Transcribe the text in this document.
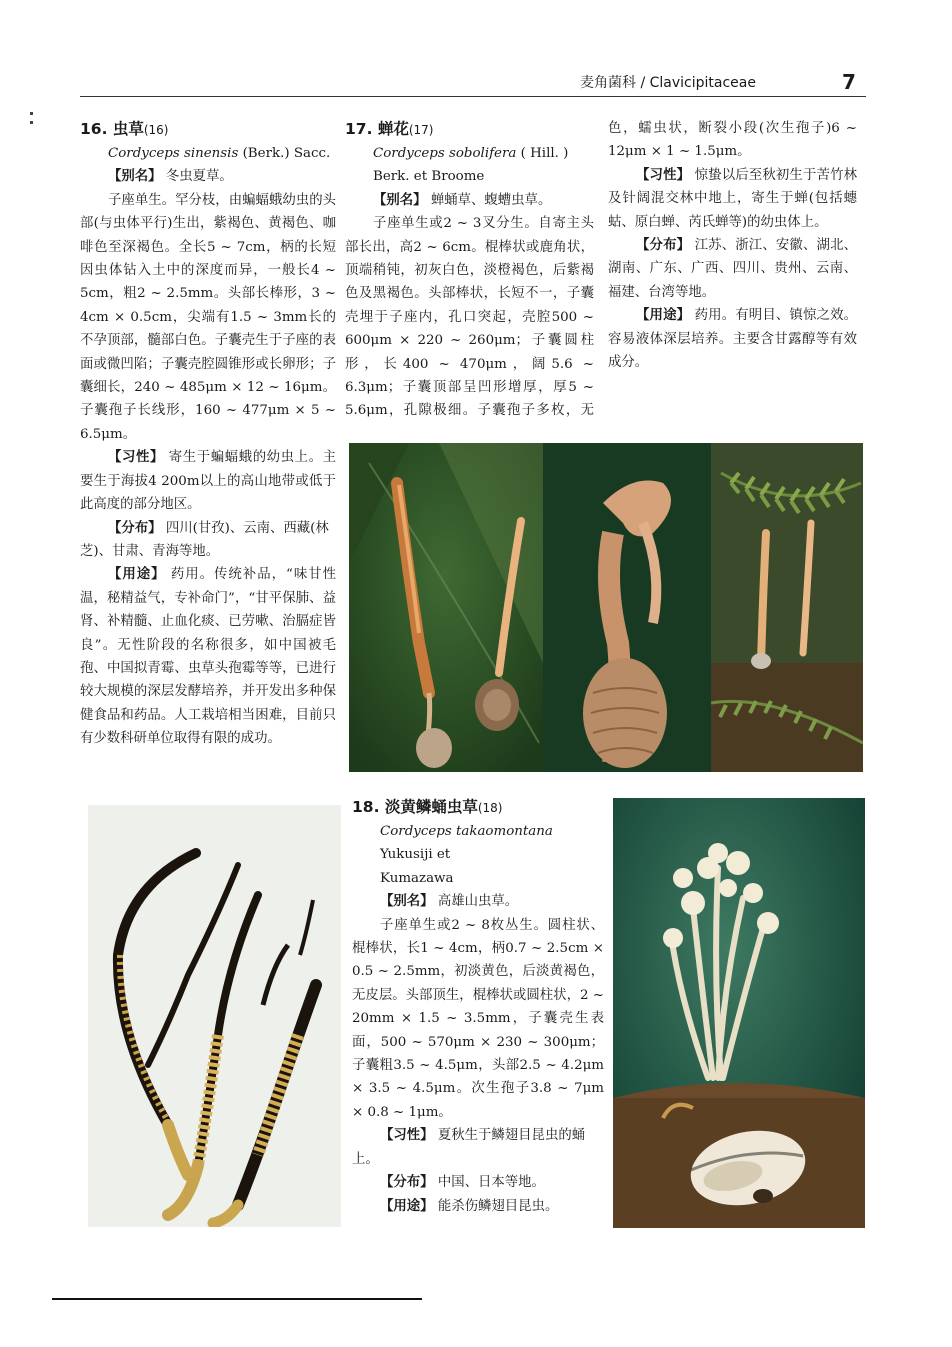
麦角菌科 / Clavicipitaceae	7

16. 虫草(16)

Cordyceps sinensis (Berk.) Sacc.

【别名】 冬虫夏草。

子座单生。罕分枝，由蝙蝠蛾幼虫的头部(与虫体平行)生出，紫褐色、黄褐色、咖啡色至深褐色。全长5 ~ 7cm，柄的长短因虫体钻入土中的深度而异，一般长4 ~ 5cm，粗2 ~ 2.5mm。头部长棒形，3 ~ 4cm × 0.5cm，尖端有1.5 ~ 3mm长的不孕顶部，髓部白色。子囊壳生于子座的表面或微凹陷；子囊壳腔圆锥形或长卵形；子囊细长，240 ~ 485μm × 12 ~ 16μm。子囊孢子长线形，160 ~ 477μm × 5 ~ 6.5μm。

【习性】 寄生于蝙蝠蛾的幼虫上。主要生于海拔4 200m以上的高山地带或低于此高度的部分地区。

【分布】 四川(甘孜)、云南、西藏(林芝)、甘肃、青海等地。

【用途】 药用。传统补品，“味甘性温，秘精益气，专补命门”，“甘平保肺、益肾、补精髓、止血化痰、已劳嗽、治膈症皆良”。无性阶段的名称很多，如中国被毛孢、中国拟青霉、虫草头孢霉等等，已进行较大规模的深层发酵培养，并开发出多种保健食品和药品。人工栽培相当困难，目前只有少数科研单位取得有限的成功。

17. 蝉花(17)

Cordyceps sobolifera ( Hill. )

Berk. et Broome

【别名】 蝉蛹草、蝮螬虫草。

子座单生或2 ~ 3叉分生。自寄主头部长出，高2 ~ 6cm。棍棒状或鹿角状，顶端稍钝，初灰白色，淡橙褐色，后紫褐色及黑褐色。头部棒状，长短不一，子囊壳埋于子座内，孔口突起，壳腔500 ~ 600μm × 220 ~ 260μm；子囊圆柱形，长400 ~ 470μm，阔5.6 ~ 6.3μm；子囊顶部呈凹形增厚，厚5 ~ 5.6μm，孔隙极细。子囊孢子多枚，无色，蠕虫状，断裂小段(次生孢子)6 ~ 12μm × 1 ~ 1.5μm。

【习性】 惊蛰以后至秋初生于苦竹林及针阔混交林中地上，寄生于蝉(包括蟪蛄、原白蝉、芮氏蝉等)的幼虫体上。

【分布】 江苏、浙江、安徽、湖北、湖南、广东、广西、四川、贵州、云南、福建、台湾等地。

【用途】 药用。有明目、镇惊之效。容易液体深层培养。主要含甘露醇等有效成分。

18. 淡黄鳞蛹虫草(18)

Cordyceps takaomontana Yukusiji et

Kumazawa

【别名】 高雄山虫草。

子座单生或2 ~ 8枚丛生。圆柱状、棍棒状，长1 ~ 4cm，柄0.7 ~ 2.5cm × 0.5 ~ 2.5mm，初淡黄色，后淡黄褐色，无皮层。头部顶生，棍棒状或圆柱状，2 ~ 20mm × 1.5 ~ 3.5mm，子囊壳生表面，500 ~ 570μm × 230 ~ 300μm；子囊粗3.5 ~ 4.5μm，头部2.5 ~ 4.2μm × 3.5 ~ 4.5μm。次生孢子3.8 ~ 7μm × 0.8 ~ 1μm。

【习性】 夏秋生于鳞翅目昆虫的蛹上。

【分布】 中国、日本等地。

【用途】 能杀伤鳞翅目昆虫。
